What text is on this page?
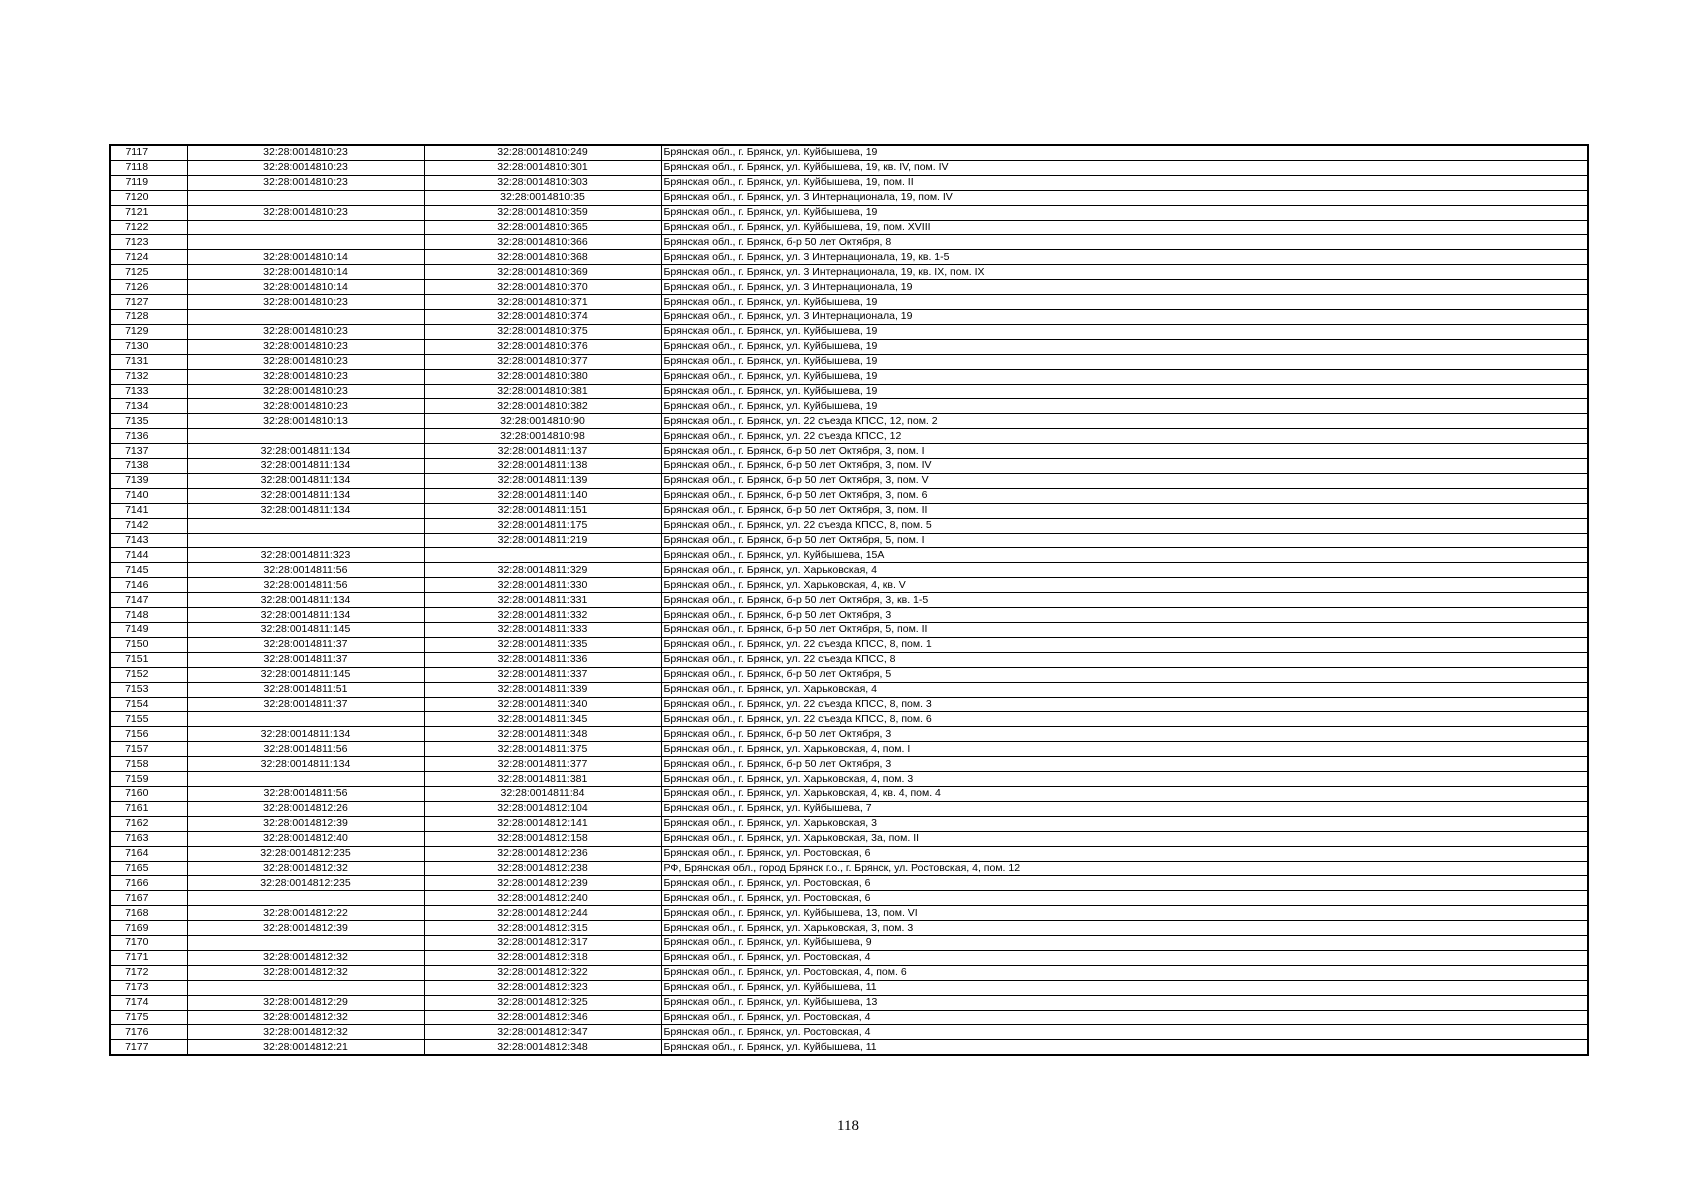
7117	32:28:0014810:23	32:28:0014810:249	Брянская обл., г. Брянск, ул. Куйбышева, 19
7118	32:28:0014810:23	32:28:0014810:301	Брянская обл., г. Брянск, ул. Куйбышева, 19, кв. IV, пом. IV
7119	32:28:0014810:23	32:28:0014810:303	Брянская обл., г. Брянск, ул. Куйбышева, 19, пом. II
7120		32:28:0014810:35	Брянская обл., г. Брянск, ул. 3 Интернационала, 19, пом. IV
7121	32:28:0014810:23	32:28:0014810:359	Брянская обл., г. Брянск, ул. Куйбышева, 19
7122		32:28:0014810:365	Брянская обл., г. Брянск, ул. Куйбышева, 19, пом. XVIII
7123		32:28:0014810:366	Брянская обл., г. Брянск, б-р 50 лет Октября, 8
7124	32:28:0014810:14	32:28:0014810:368	Брянская обл., г. Брянск, ул. 3 Интернационала, 19, кв. 1-5
7125	32:28:0014810:14	32:28:0014810:369	Брянская обл., г. Брянск, ул. 3 Интернационала, 19, кв. IX, пом. IX
7126	32:28:0014810:14	32:28:0014810:370	Брянская обл., г. Брянск, ул. 3 Интернационала, 19
7127	32:28:0014810:23	32:28:0014810:371	Брянская обл., г. Брянск, ул. Куйбышева, 19
7128		32:28:0014810:374	Брянская обл., г. Брянск, ул. 3 Интернационала, 19
7129	32:28:0014810:23	32:28:0014810:375	Брянская обл., г. Брянск, ул. Куйбышева, 19
7130	32:28:0014810:23	32:28:0014810:376	Брянская обл., г. Брянск, ул. Куйбышева, 19
7131	32:28:0014810:23	32:28:0014810:377	Брянская обл., г. Брянск, ул. Куйбышева, 19
7132	32:28:0014810:23	32:28:0014810:380	Брянская обл., г. Брянск, ул. Куйбышева, 19
7133	32:28:0014810:23	32:28:0014810:381	Брянская обл., г. Брянск, ул. Куйбышева, 19
7134	32:28:0014810:23	32:28:0014810:382	Брянская обл., г. Брянск, ул. Куйбышева, 19
7135	32:28:0014810:13	32:28:0014810:90	Брянская обл., г. Брянск, ул. 22 съезда КПСС, 12, пом. 2
7136		32:28:0014810:98	Брянская обл., г. Брянск, ул. 22 съезда КПСС, 12
7137	32:28:0014811:134	32:28:0014811:137	Брянская обл., г. Брянск, б-р 50 лет Октября, 3, пом. I
7138	32:28:0014811:134	32:28:0014811:138	Брянская обл., г. Брянск, б-р 50 лет Октября, 3, пом. IV
7139	32:28:0014811:134	32:28:0014811:139	Брянская обл., г. Брянск, б-р 50 лет Октября, 3, пом. V
7140	32:28:0014811:134	32:28:0014811:140	Брянская обл., г. Брянск, б-р 50 лет Октября, 3, пом. 6
7141	32:28:0014811:134	32:28:0014811:151	Брянская обл., г. Брянск, б-р 50 лет Октября, 3, пом. II
7142		32:28:0014811:175	Брянская обл., г. Брянск, ул. 22 съезда КПСС, 8, пом. 5
7143		32:28:0014811:219	Брянская обл., г. Брянск, б-р 50 лет Октября, 5, пом. I
7144	32:28:0014811:323		Брянская обл., г. Брянск, ул. Куйбышева, 15А
7145	32:28:0014811:56	32:28:0014811:329	Брянская обл., г. Брянск, ул. Харьковская, 4
7146	32:28:0014811:56	32:28:0014811:330	Брянская обл., г. Брянск, ул. Харьковская, 4, кв. V
7147	32:28:0014811:134	32:28:0014811:331	Брянская обл., г. Брянск, б-р 50 лет Октября, 3, кв. 1-5
7148	32:28:0014811:134	32:28:0014811:332	Брянская обл., г. Брянск, б-р 50 лет Октября, 3
7149	32:28:0014811:145	32:28:0014811:333	Брянская обл., г. Брянск, б-р 50 лет Октября, 5, пом. II
7150	32:28:0014811:37	32:28:0014811:335	Брянская обл., г. Брянск, ул. 22 съезда КПСС, 8, пом. 1
7151	32:28:0014811:37	32:28:0014811:336	Брянская обл., г. Брянск, ул. 22 съезда КПСС, 8
7152	32:28:0014811:145	32:28:0014811:337	Брянская обл., г. Брянск, б-р 50 лет Октября, 5
7153	32:28:0014811:51	32:28:0014811:339	Брянская обл., г. Брянск, ул. Харьковская, 4
7154	32:28:0014811:37	32:28:0014811:340	Брянская обл., г. Брянск, ул. 22 съезда КПСС, 8, пом. 3
7155		32:28:0014811:345	Брянская обл., г. Брянск, ул. 22 съезда КПСС, 8, пом. 6
7156	32:28:0014811:134	32:28:0014811:348	Брянская обл., г. Брянск, б-р 50 лет Октября, 3
7157	32:28:0014811:56	32:28:0014811:375	Брянская обл., г. Брянск, ул. Харьковская, 4, пом. I
7158	32:28:0014811:134	32:28:0014811:377	Брянская обл., г. Брянск, б-р 50 лет Октября, 3
7159		32:28:0014811:381	Брянская обл., г. Брянск, ул. Харьковская, 4, пом. 3
7160	32:28:0014811:56	32:28:0014811:84	Брянская обл., г. Брянск, ул. Харьковская, 4, кв. 4, пом. 4
7161	32:28:0014812:26	32:28:0014812:104	Брянская обл., г. Брянск, ул. Куйбышева, 7
7162	32:28:0014812:39	32:28:0014812:141	Брянская обл., г. Брянск, ул. Харьковская, 3
7163	32:28:0014812:40	32:28:0014812:158	Брянская обл., г. Брянск, ул. Харьковская, 3а, пом. II
7164	32:28:0014812:235	32:28:0014812:236	Брянская обл., г. Брянск, ул. Ростовская, 6
7165	32:28:0014812:32	32:28:0014812:238	РФ, Брянская обл., город Брянск г.о., г. Брянск, ул. Ростовская, 4, пом. 12
7166	32:28:0014812:235	32:28:0014812:239	Брянская обл., г. Брянск, ул. Ростовская, 6
7167		32:28:0014812:240	Брянская обл., г. Брянск, ул. Ростовская, 6
7168	32:28:0014812:22	32:28:0014812:244	Брянская обл., г. Брянск, ул. Куйбышева, 13, пом. VI
7169	32:28:0014812:39	32:28:0014812:315	Брянская обл., г. Брянск, ул. Харьковская, 3, пом. 3
7170		32:28:0014812:317	Брянская обл., г. Брянск, ул. Куйбышева, 9
7171	32:28:0014812:32	32:28:0014812:318	Брянская обл., г. Брянск, ул. Ростовская, 4
7172	32:28:0014812:32	32:28:0014812:322	Брянская обл., г. Брянск, ул. Ростовская, 4, пом. 6
7173		32:28:0014812:323	Брянская обл., г. Брянск, ул. Куйбышева, 11
7174	32:28:0014812:29	32:28:0014812:325	Брянская обл., г. Брянск, ул. Куйбышева, 13
7175	32:28:0014812:32	32:28:0014812:346	Брянская обл., г. Брянск, ул. Ростовская, 4
7176	32:28:0014812:32	32:28:0014812:347	Брянская обл., г. Брянск, ул. Ростовская, 4
7177	32:28:0014812:21	32:28:0014812:348	Брянская обл., г. Брянск, ул. Куйбышева, 11
118
